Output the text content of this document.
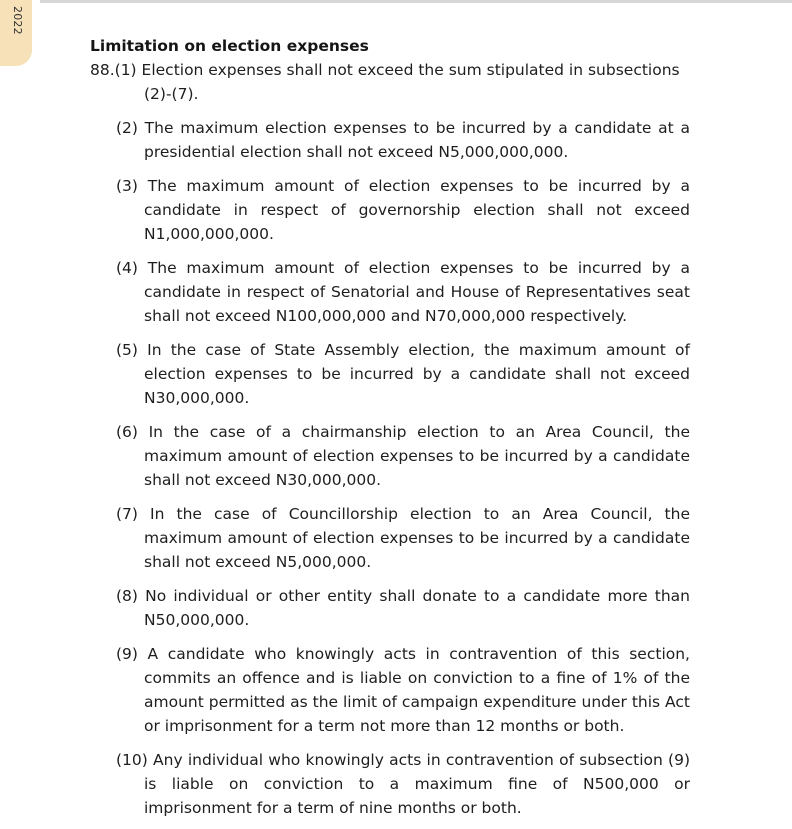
2022
Limitation on election expenses

88.(1) Election expenses shall not exceed the sum stipulated in subsections (2)-(7).

(2) The maximum election expenses to be incurred by a candidate at a presidential election shall not exceed N5,000,000,000.

(3) The maximum amount of election expenses to be incurred by a candidate in respect of governorship election shall not exceed N1,000,000,000.

(4) The maximum amount of election expenses to be incurred by a candidate in respect of Senatorial and House of Representatives seat shall not exceed N100,000,000 and N70,000,000 respectively.

(5) In the case of State Assembly election, the maximum amount of election expenses to be incurred by a candidate shall not exceed N30,000,000.

(6) In the case of a chairmanship election to an Area Council, the maximum amount of election expenses to be incurred by a candidate shall not exceed N30,000,000.

(7) In the case of Councillorship election to an Area Council, the maximum amount of election expenses to be incurred by a candidate shall not exceed N5,000,000.

(8) No individual or other entity shall donate to a candidate more than N50,000,000.

(9) A candidate who knowingly acts in contravention of this section, commits an offence and is liable on conviction to a fine of 1% of the amount permitted as the limit of campaign expenditure under this Act or imprisonment for a term not more than 12 months or both.

(10) Any individual who knowingly acts in contravention of subsection (9) is liable on conviction to a maximum fine of N500,000 or imprisonment for a term of nine months or both.
